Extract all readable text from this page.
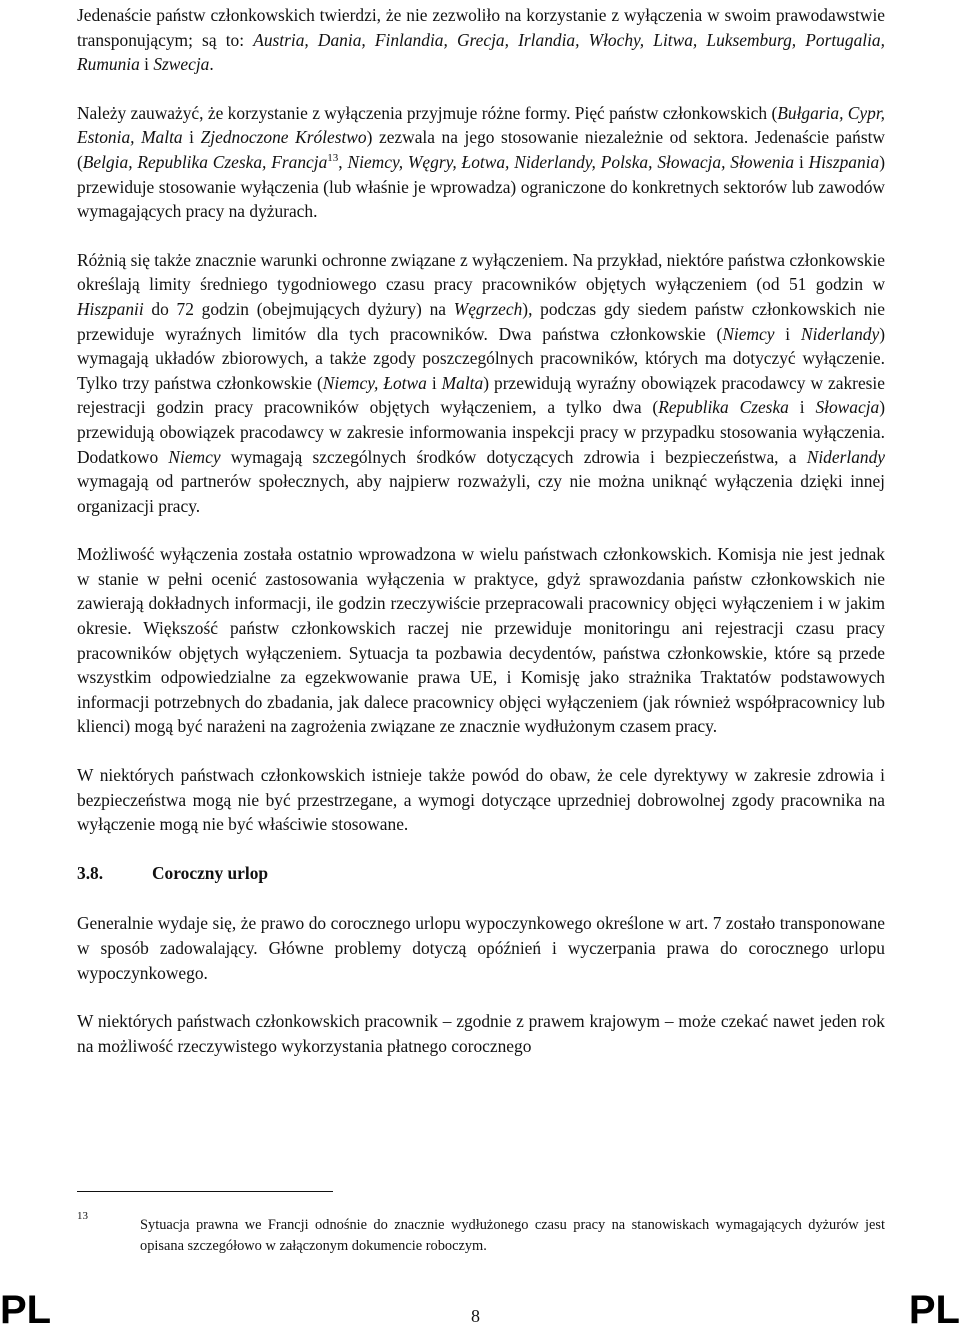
Jedenaście państw członkowskich twierdzi, że nie zezwoliło na korzystanie z wyłączenia w swoim prawodawstwie transponującym; są to: Austria, Dania, Finlandia, Grecja, Irlandia, Włochy, Litwa, Luksemburg, Portugalia, Rumunia i Szwecja.

Należy zauważyć, że korzystanie z wyłączenia przyjmuje różne formy. Pięć państw członkowskich (Bułgaria, Cypr, Estonia, Malta i Zjednoczone Królestwo) zezwala na jego stosowanie niezależnie od sektora. Jedenaście państw (Belgia, Republika Czeska, Francja$^{13}$, Niemcy, Węgry, Łotwa, Niderlandy, Polska, Słowacja, Słowenia i Hiszpania) przewiduje stosowanie wyłączenia (lub właśnie je wprowadza) ograniczone do konkretnych sektorów lub zawodów wymagających pracy na dyżurach.

Różnią się także znacznie warunki ochronne związane z wyłączeniem. Na przykład, niektóre państwa członkowskie określają limity średniego tygodniowego czasu pracy pracowników objętych wyłączeniem (od 51 godzin w Hiszpanii do 72 godzin (obejmujących dyżury) na Węgrzech), podczas gdy siedem państw członkowskich nie przewiduje wyraźnych limitów dla tych pracowników. Dwa państwa członkowskie (Niemcy i Niderlandy) wymagają układów zbiorowych, a także zgody poszczególnych pracowników, których ma dotyczyć wyłączenie. Tylko trzy państwa członkowskie (Niemcy, Łotwa i Malta) przewidują wyraźny obowiązek pracodawcy w zakresie rejestracji godzin pracy pracowników objętych wyłączeniem, a tylko dwa (Republika Czeska i Słowacja) przewidują obowiązek pracodawcy w zakresie informowania inspekcji pracy w przypadku stosowania wyłączenia. Dodatkowo Niemcy wymagają szczególnych środków dotyczących zdrowia i bezpieczeństwa, a Niderlandy wymagają od partnerów społecznych, aby najpierw rozważyli, czy nie można uniknąć wyłączenia dzięki innej organizacji pracy.

Możliwość wyłączenia została ostatnio wprowadzona w wielu państwach członkowskich. Komisja nie jest jednak w stanie w pełni ocenić zastosowania wyłączenia w praktyce, gdyż sprawozdania państw członkowskich nie zawierają dokładnych informacji, ile godzin rzeczywiście przepracowali pracownicy objęci wyłączeniem i w jakim okresie. Większość państw członkowskich raczej nie przewiduje monitoringu ani rejestracji czasu pracy pracowników objętych wyłączeniem. Sytuacja ta pozbawia decydentów, państwa członkowskie, które są przede wszystkim odpowiedzialne za egzekwowanie prawa UE, i Komisję jako strażnika Traktatów podstawowych informacji potrzebnych do zbadania, jak dalece pracownicy objęci wyłączeniem (jak również współpracownicy lub klienci) mogą być narażeni na zagrożenia związane ze znacznie wydłużonym czasem pracy.

W niektórych państwach członkowskich istnieje także powód do obaw, że cele dyrektywy w zakresie zdrowia i bezpieczeństwa mogą nie być przestrzegane, a wymogi dotyczące uprzedniej dobrowolnej zgody pracownika na wyłączenie mogą nie być właściwie stosowane.

3.8.	Coroczny urlop

Generalnie wydaje się, że prawo do corocznego urlopu wypoczynkowego określone w art. 7 zostało transponowane w sposób zadowalający. Główne problemy dotyczą opóźnień i wyczerpania prawa do corocznego urlopu wypoczynkowego.

W niektórych państwach członkowskich pracownik – zgodnie z prawem krajowym – może czekać nawet jeden rok na możliwość rzeczywistego wykorzystania płatnego corocznego

13
Sytuacja prawna we Francji odnośnie do znacznie wydłużonego czasu pracy na stanowiskach wymagających dyżurów jest opisana szczegółowo w załączonym dokumencie roboczym.
PL	8	PL
